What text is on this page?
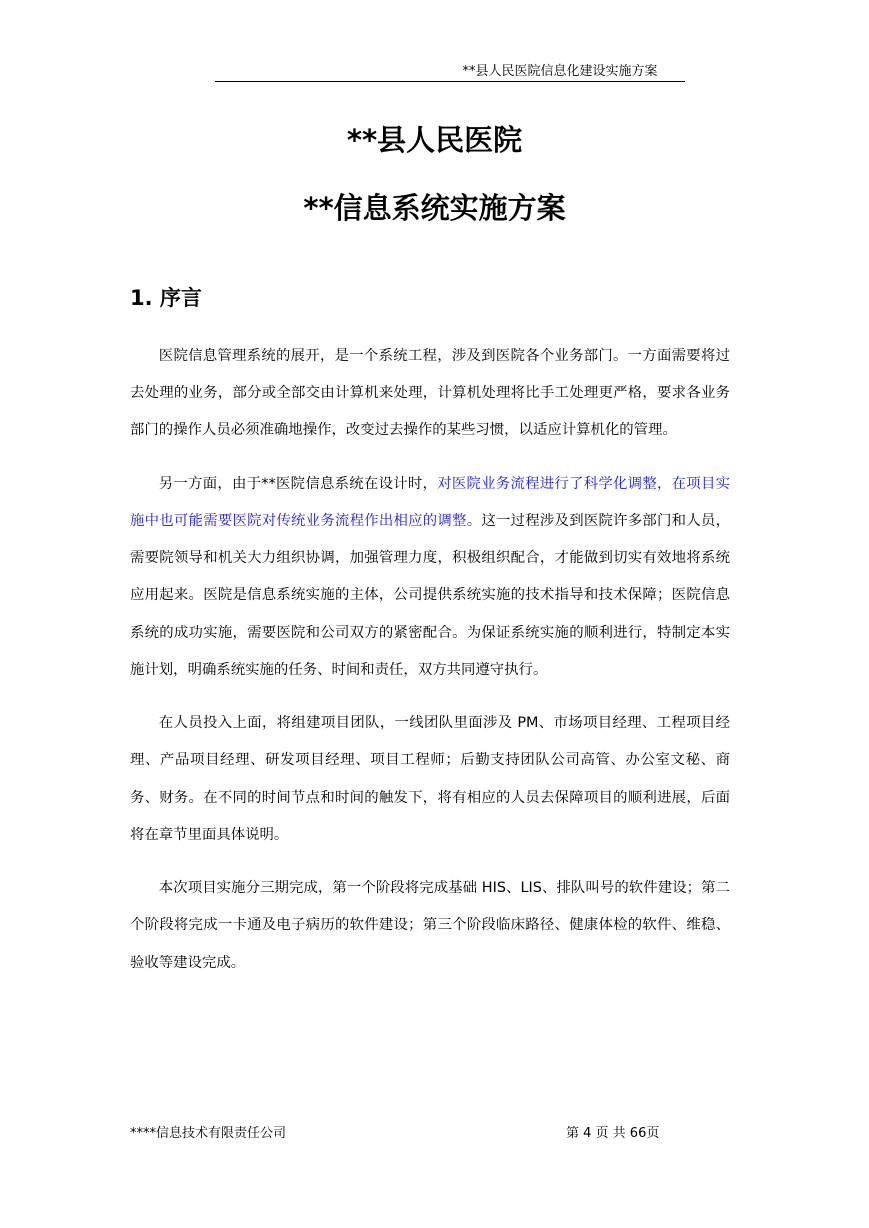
**县人民医院信息化建设实施方案
**县人民医院
**信息系统实施方案
1. 序言

医院信息管理系统的展开，是一个系统工程，涉及到医院各个业务部门。一方面需要将过去处理的业务，部分或全部交由计算机来处理，计算机处理将比手工处理更严格，要求各业务部门的操作人员必须准确地操作，改变过去操作的某些习惯，以适应计算机化的管理。

另一方面，由于**医院信息系统在设计时，对医院业务流程进行了科学化调整，在项目实施中也可能需要医院对传统业务流程作出相应的调整。这一过程涉及到医院许多部门和人员，需要院领导和机关大力组织协调，加强管理力度，积极组织配合，才能做到切实有效地将系统应用起来。医院是信息系统实施的主体，公司提供系统实施的技术指导和技术保障；医院信息系统的成功实施，需要医院和公司双方的紧密配合。为保证系统实施的顺利进行，特制定本实施计划，明确系统实施的任务、时间和责任，双方共同遵守执行。

在人员投入上面，将组建项目团队，一线团队里面涉及 PM、市场项目经理、工程项目经理、产品项目经理、研发项目经理、项目工程师；后勤支持团队公司高管、办公室文秘、商务、财务。在不同的时间节点和时间的触发下，将有相应的人员去保障项目的顺利进展，后面将在章节里面具体说明。

本次项目实施分三期完成，第一个阶段将完成基础 HIS、LIS、排队叫号的软件建设；第二个阶段将完成一卡通及电子病历的软件建设；第三个阶段临床路径、健康体检的软件、维稳、验收等建设完成。

****信息技术有限责任公司	第 4 页 共 66页
